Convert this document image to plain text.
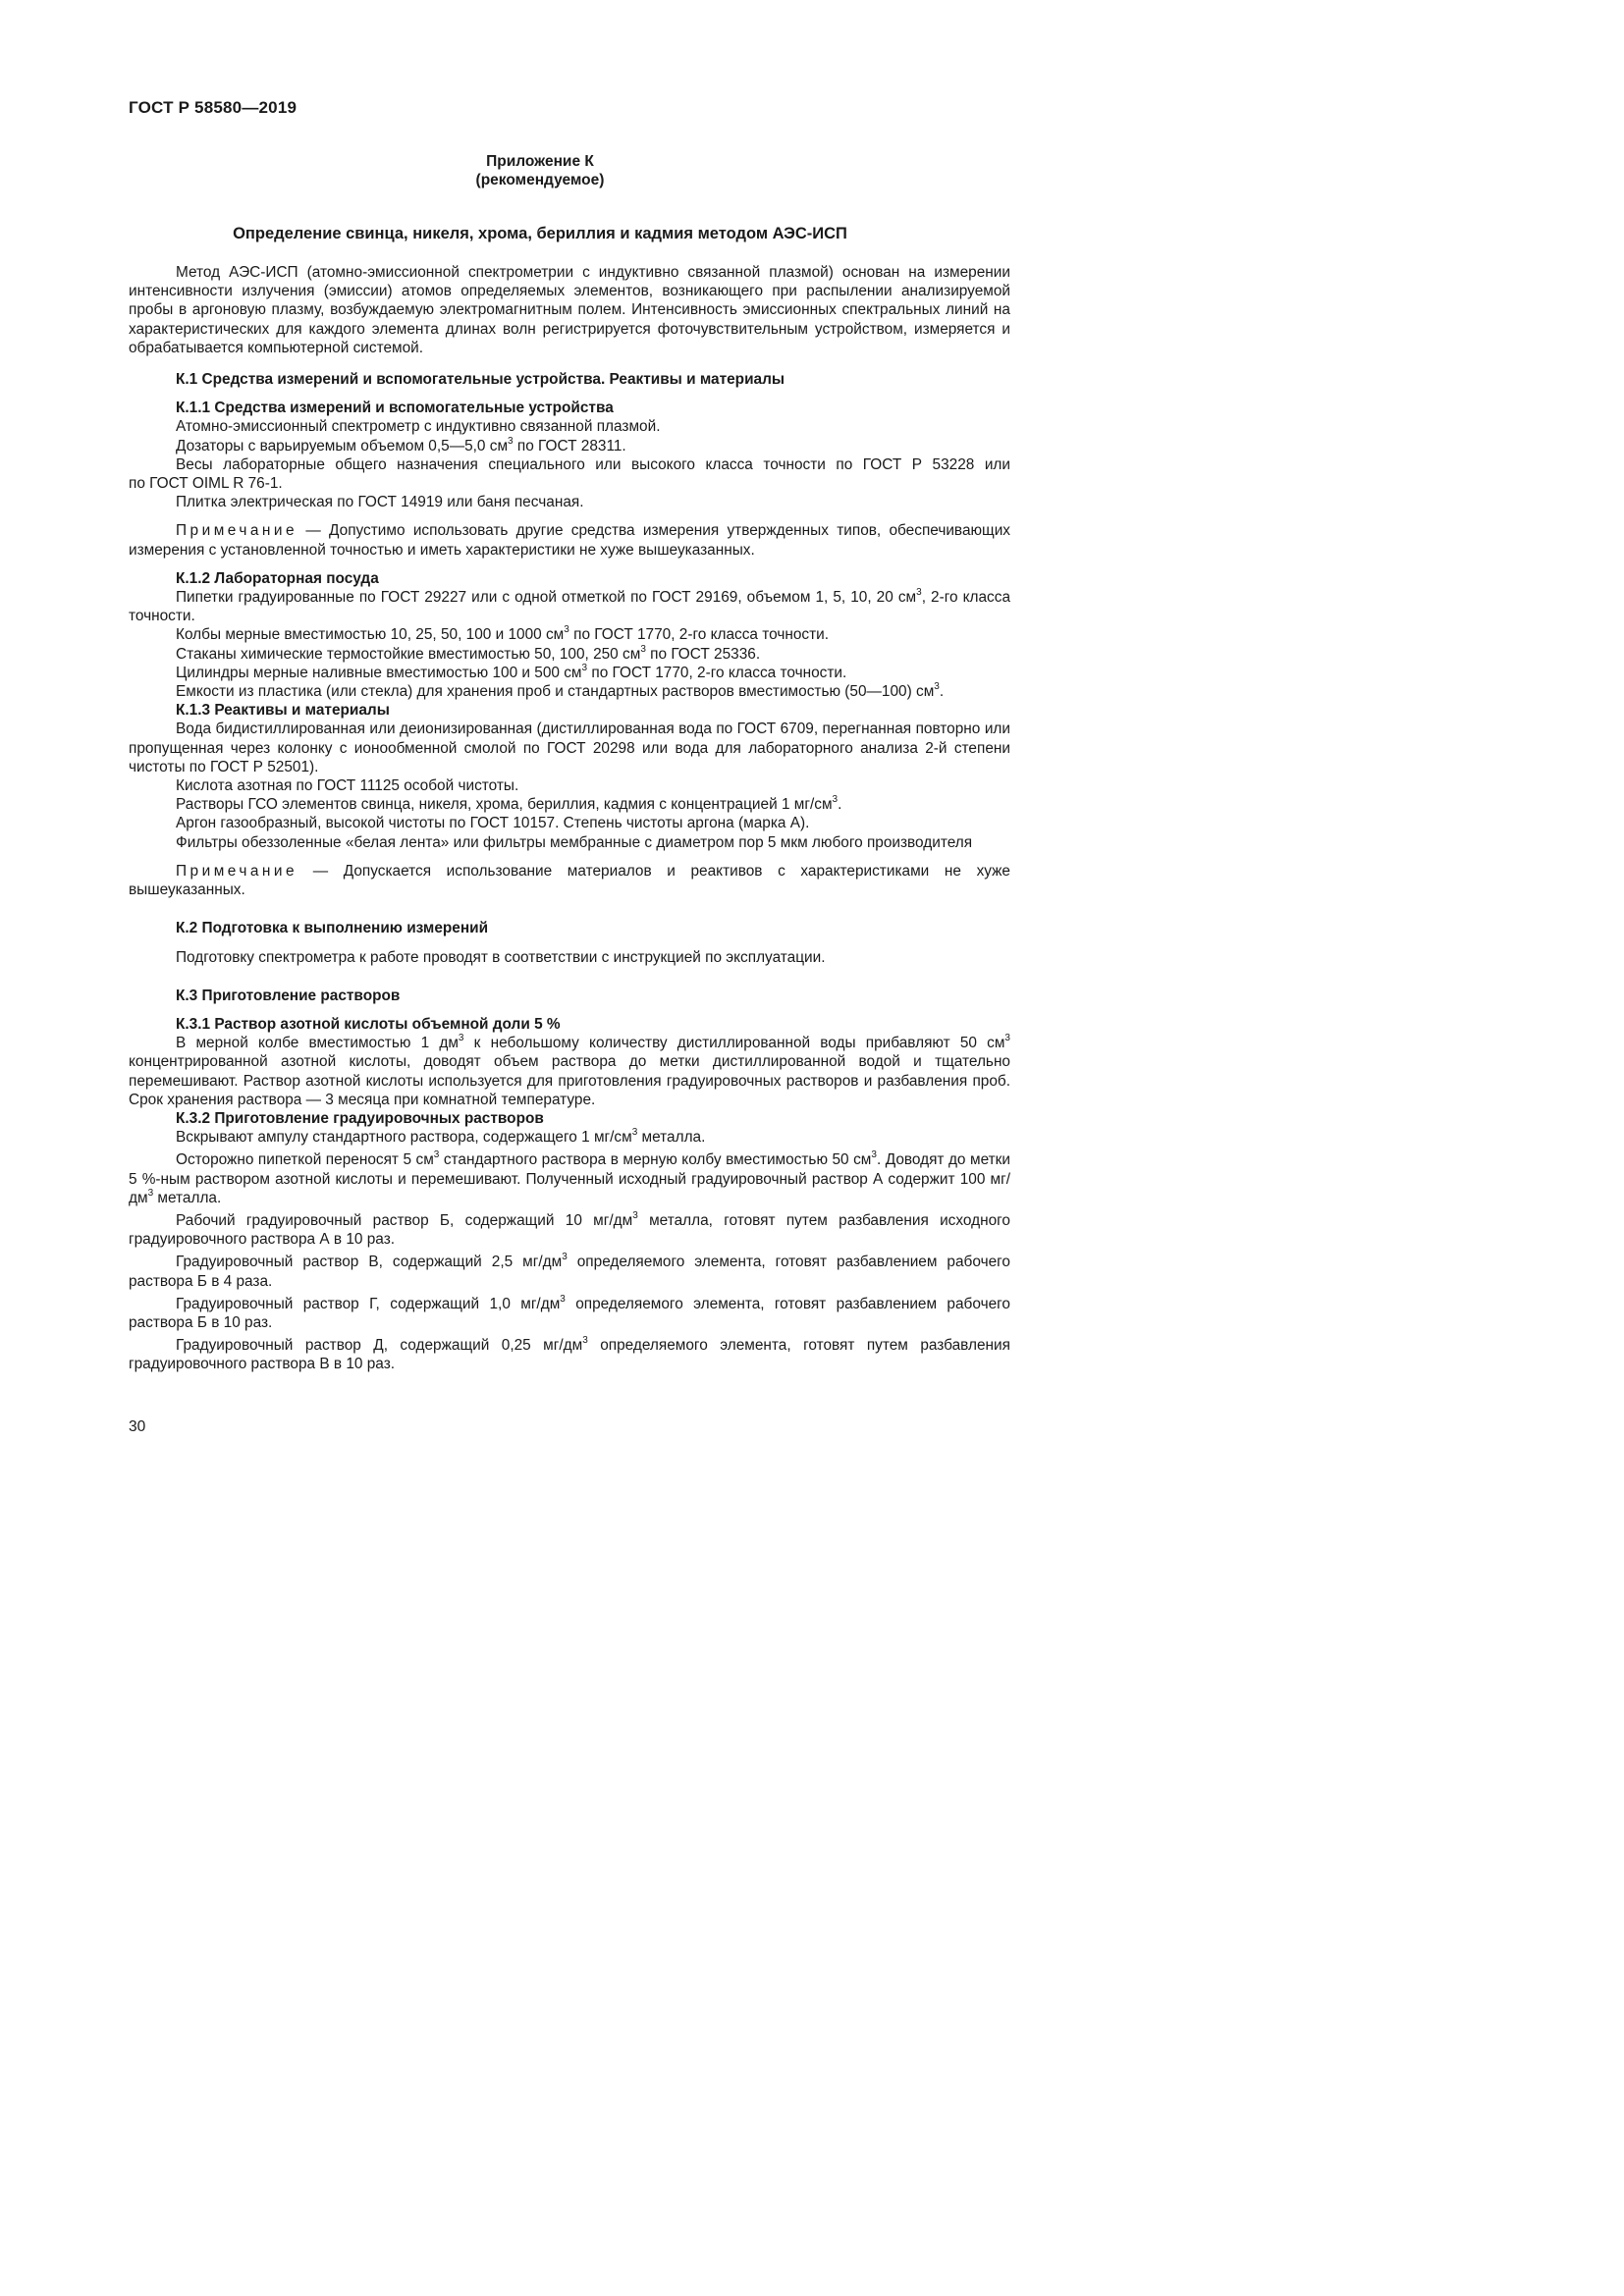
ГОСТ Р 58580—2019
Приложение К
(рекомендуемое)
Определение свинца, никеля, хрома, бериллия и кадмия методом АЭС-ИСП

Метод АЭС-ИСП (атомно-эмиссионной спектрометрии с индуктивно связанной плазмой) основан на измерении интенсивности излучения (эмиссии) атомов определяемых элементов, возникающего при распылении анализируемой пробы в аргоновую плазму, возбуждаемую электромагнитным полем. Интенсивность эмиссионных спектральных линий на характеристических для каждого элемента длинах волн регистрируется фоточувствительным устройством, измеряется и обрабатывается компьютерной системой.

К.1 Средства измерений и вспомогательные устройства. Реактивы и материалы

К.1.1 Средства измерений и вспомогательные устройства

Атомно-эмиссионный спектрометр с индуктивно связанной плазмой.

Дозаторы с варьируемым объемом 0,5—5,0 $см^3$ по ГОСТ 28311.

Весы лабораторные общего назначения специального или высокого класса точности по ГОСТ Р 53228 или

по ГОСТ OIML R 76-1.

Плитка электрическая по ГОСТ 14919 или баня песчаная.

Примечание — Допустимо использовать другие средства измерения утвержденных типов, обеспечивающих измерения с установленной точностью и иметь характеристики не хуже вышеуказанных.

К.1.2 Лабораторная посуда

Пипетки градуированные по ГОСТ 29227 или с одной отметкой по ГОСТ 29169, объемом 1, 5, 10, 20 $см^3$, 2-го класса точности.

Колбы мерные вместимостью 10, 25, 50, 100 и 1000 $см^3$ по ГОСТ 1770, 2-го класса точности.

Стаканы химические термостойкие вместимостью 50, 100, 250 $см^3$ по ГОСТ 25336.

Цилиндры мерные наливные вместимостью 100 и 500 $см^3$ по ГОСТ 1770, 2-го класса точности.

Емкости из пластика (или стекла) для хранения проб и стандартных растворов вместимостью (50—100) $см^3$.

К.1.3 Реактивы и материалы

Вода бидистиллированная или деионизированная (дистиллированная вода по ГОСТ 6709, перегнанная повторно или пропущенная через колонку с ионообменной смолой по ГОСТ 20298 или вода для лабораторного анализа 2-й степени чистоты по ГОСТ Р 52501).

Кислота азотная по ГОСТ 11125 особой чистоты.

Растворы ГСО элементов свинца, никеля, хрома, бериллия, кадмия с концентрацией 1 $мг/см^3$.

Аргон газообразный, высокой чистоты по ГОСТ 10157. Степень чистоты аргона (марка А).

Фильтры обеззоленные «белая лента» или фильтры мембранные с диаметром пор 5 мкм любого производителя

Примечание — Допускается использование материалов и реактивов с характеристиками не хуже вышеуказанных.

К.2 Подготовка к выполнению измерений

Подготовку спектрометра к работе проводят в соответствии с инструкцией по эксплуатации.

К.3 Приготовление растворов

К.3.1 Раствор азотной кислоты объемной доли 5 %

В мерной колбе вместимостью 1 $дм^3$ к небольшому количеству дистиллированной воды прибавляют 50 $см^3$ концентрированной азотной кислоты, доводят объем раствора до метки дистиллированной водой и тщательно перемешивают. Раствор азотной кислоты используется для приготовления градуировочных растворов и разбавления проб. Срок хранения раствора — 3 месяца при комнатной температуре.

К.3.2 Приготовление градуировочных растворов

Вскрывают ампулу стандартного раствора, содержащего 1 $мг/см^3$ металла.

Осторожно пипеткой переносят 5 $см^3$ стандартного раствора в мерную колбу вместимостью 50 $см^3$. Доводят до метки 5 %-ным раствором азотной кислоты и перемешивают. Полученный исходный градуировочный раствор А содержит 100 $мг/дм^3$ металла.

Рабочий градуировочный раствор Б, содержащий 10 $мг/дм^3$ металла, готовят путем разбавления исходного градуировочного раствора А в 10 раз.

Градуировочный раствор В, содержащий 2,5 $мг/дм^3$ определяемого элемента, готовят разбавлением рабочего раствора Б в 4 раза.

Градуировочный раствор Г, содержащий 1,0 $мг/дм^3$ определяемого элемента, готовят разбавлением рабочего раствора Б в 10 раз.

Градуировочный раствор Д, содержащий 0,25 $мг/дм^3$ определяемого элемента, готовят путем разбавления градуировочного раствора В в 10 раз.

30
